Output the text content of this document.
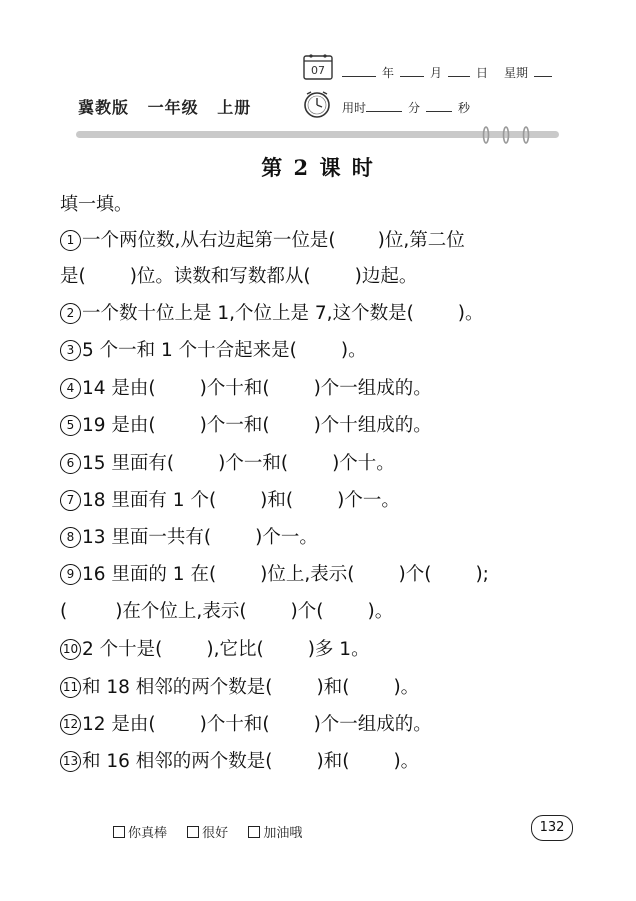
冀教版 一年级 上册
07	年	月	日 星期
用时	分	秒
第 2 课 时
填一填。
1 一个两位数,从右边起第一位是( )位,第二位
是( )位。读数和写数都从( )边起。
2 一个数十位上是 1,个位上是 7,这个数是( )。
3 5 个一和 1 个十合起来是( )。
4 14 是由( )个十和( )个一组成的。
5 19 是由( )个一和( )个十组成的。
6 15 里面有( )个一和( )个十。
7 18 里面有 1 个( )和( )个一。
8 13 里面一共有( )个一。
9 16 里面的 1 在( )位上,表示( )个( );
(	)在个位上,表示( )个( )。
10 2 个十是( ),它比( )多 1。
11 和 18 相邻的两个数是( )和( )。
12 12 是由( )个十和( )个一组成的。
13 和 16 相邻的两个数是( )和( )。
你真棒
	很好
	加油哦	132
